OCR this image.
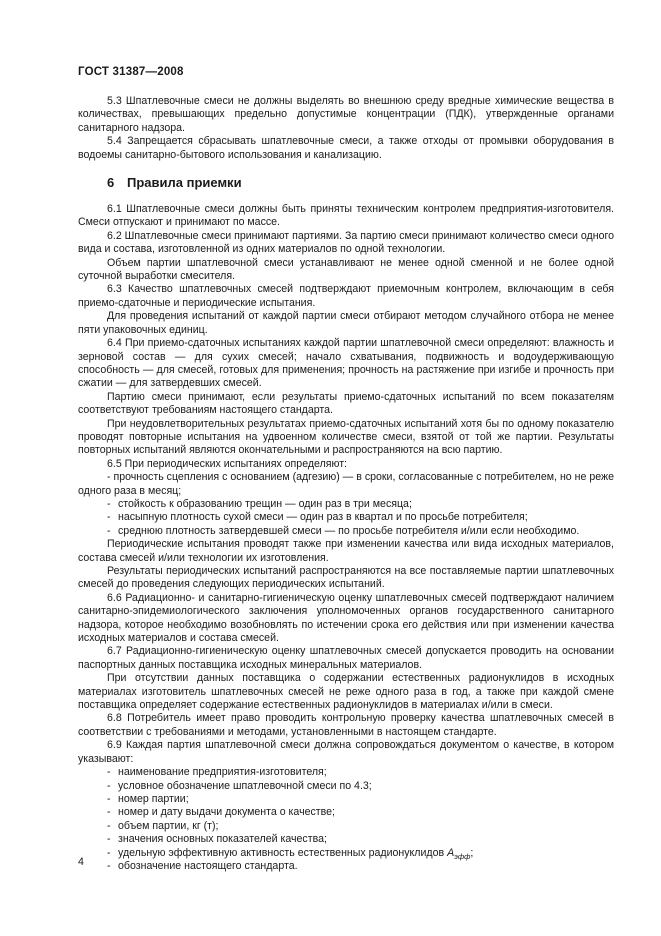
ГОСТ 31387—2008

5.3 Шпатлевочные смеси не должны выделять во внешнюю среду вредные химические вещества в количествах, превышающих предельно допустимые концентрации (ПДК), утвержденные органами санитарного надзора.

5.4 Запрещается сбрасывать шпатлевочные смеси, а также отходы от промывки оборудования в водоемы санитарно-бытового использования и канализацию.

6 Правила приемки

6.1 Шпатлевочные смеси должны быть приняты техническим контролем предприятия-изготовителя. Смеси отпускают и принимают по массе.

6.2 Шпатлевочные смеси принимают партиями. За партию смеси принимают количество смеси одного вида и состава, изготовленной из одних материалов по одной технологии.

Объем партии шпатлевочной смеси устанавливают не менее одной сменной и не более одной суточной выработки смесителя.

6.3 Качество шпатлевочных смесей подтверждают приемочным контролем, включающим в себя приемо-сдаточные и периодические испытания.

Для проведения испытаний от каждой партии смеси отбирают методом случайного отбора не менее пяти упаковочных единиц.

6.4 При приемо-сдаточных испытаниях каждой партии шпатлевочной смеси определяют: влажность и зерновой состав — для сухих смесей; начало схватывания, подвижность и водоудерживающую способность — для смесей, готовых для применения; прочность на растяжение при изгибе и прочность при сжатии — для затвердевших смесей.

Партию смеси принимают, если результаты приемо-сдаточных испытаний по всем показателям соответствуют требованиям настоящего стандарта.

При неудовлетворительных результатах приемо-сдаточных испытаний хотя бы по одному показателю проводят повторные испытания на удвоенном количестве смеси, взятой от той же партии. Результаты повторных испытаний являются окончательными и распространяются на всю партию.

6.5 При периодических испытаниях определяют:

- прочность сцепления с основанием (адгезию) — в сроки, согласованные с потребителем, но не реже одного раза в месяц;

- стойкость к образованию трещин — один раз в три месяца;

- насыпную плотность сухой смеси — один раз в квартал и по просьбе потребителя;

- среднюю плотность затвердевшей смеси — по просьбе потребителя и/или если необходимо.

Периодические испытания проводят также при изменении качества или вида исходных материалов, состава смесей и/или технологии их изготовления.

Результаты периодических испытаний распространяются на все поставляемые партии шпатлевочных смесей до проведения следующих периодических испытаний.

6.6 Радиационно- и санитарно-гигиеническую оценку шпатлевочных смесей подтверждают наличием санитарно-эпидемиологического заключения уполномоченных органов государственного санитарного надзора, которое необходимо возобновлять по истечении срока его действия или при изменении качества исходных материалов и состава смесей.

6.7 Радиационно-гигиеническую оценку шпатлевочных смесей допускается проводить на основании паспортных данных поставщика исходных минеральных материалов.

При отсутствии данных поставщика о содержании естественных радионуклидов в исходных материалах изготовитель шпатлевочных смесей не реже одного раза в год, а также при каждой смене поставщика определяет содержание естественных радионуклидов в материалах и/или в смеси.

6.8 Потребитель имеет право проводить контрольную проверку качества шпатлевочных смесей в соответствии с требованиями и методами, установленными в настоящем стандарте.

6.9 Каждая партия шпатлевочной смеси должна сопровождаться документом о качестве, в котором указывают:

- наименование предприятия-изготовителя;

- условное обозначение шпатлевочной смеси по 4.3;

- номер партии;

- номер и дату выдачи документа о качестве;

- объем партии, кг (т);

- значения основных показателей качества;

- удельную эффективную активность естественных радионуклидов $A_{эфф}$;

- обозначение настоящего стандарта.

4
